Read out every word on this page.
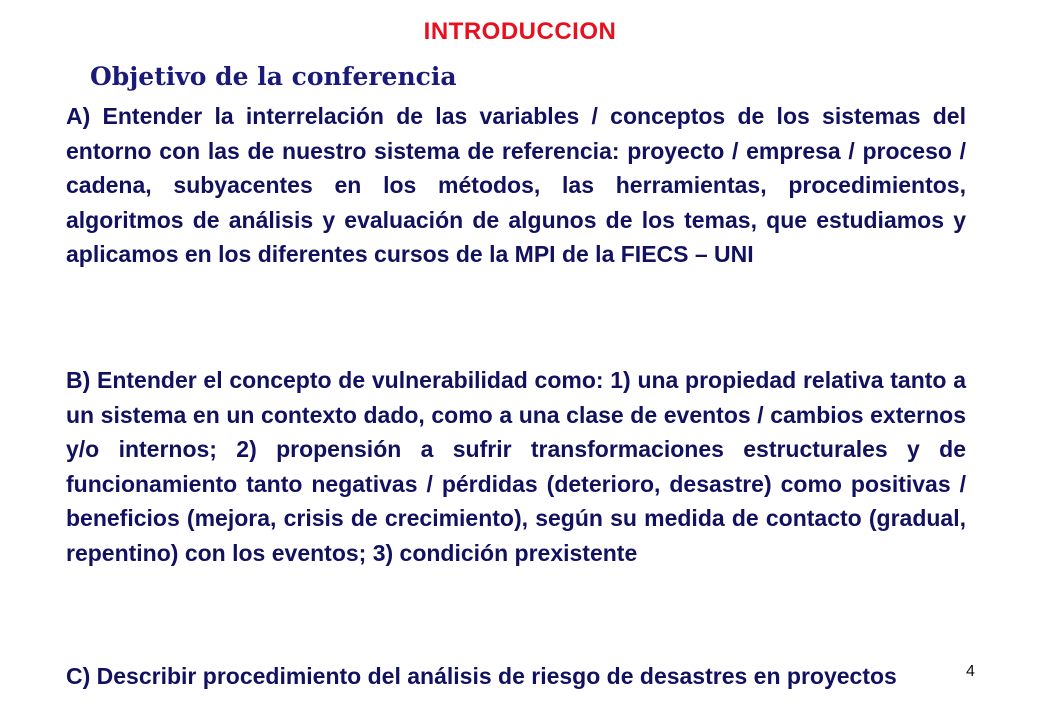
INTRODUCCION
Objetivo de la conferencia

A) Entender la interrelación de las variables / conceptos de los sistemas del entorno con las de nuestro sistema de referencia: proyecto / empresa / proceso / cadena, subyacentes en los métodos, las herramientas, procedimientos, algoritmos de análisis y evaluación de algunos de los temas, que estudiamos y aplicamos en los diferentes cursos de la MPI de la FIECS – UNI

B) Entender el concepto de vulnerabilidad como: 1) una propiedad relativa tanto a un sistema en un contexto dado, como a una clase de eventos / cambios externos y/o internos; 2) propensión a sufrir transformaciones estructurales y de funcionamiento tanto negativas / pérdidas (deterioro, desastre) como positivas / beneficios (mejora, crisis de crecimiento), según su medida de contacto (gradual, repentino) con los eventos; 3) condición prexistente

C) Describir procedimiento del análisis de riesgo de desastres en proyectos	4
